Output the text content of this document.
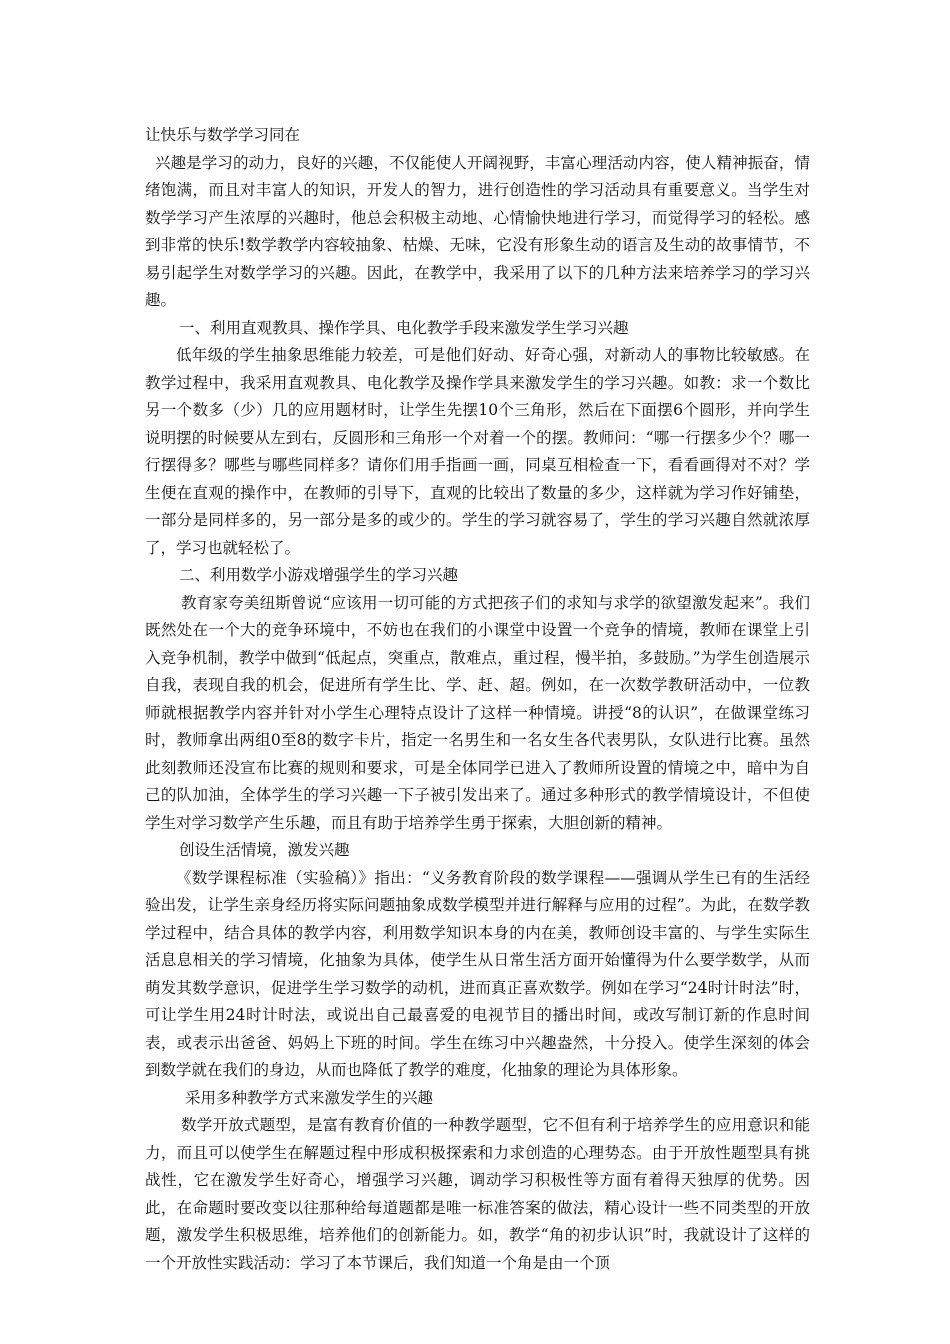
让快乐与数学学习同在

兴趣是学习的动力，良好的兴趣，不仅能使人开阔视野，丰富心理活动内容，使人精神振奋，情绪饱满，而且对丰富人的知识，开发人的智力，进行创造性的学习活动具有重要意义。当学生对数学学习产生浓厚的兴趣时，他总会积极主动地、心情愉快地进行学习，而觉得学习的轻松。感到非常的快乐!数学教学内容较抽象、枯燥、无味，它没有形象生动的语言及生动的故事情节，不易引起学生对数学学习的兴趣。因此，在教学中，我采用了以下的几种方法来培养学习的学习兴趣。

一、利用直观教具、操作学具、电化教学手段来激发学生学习兴趣

低年级的学生抽象思维能力较差，可是他们好动、好奇心强，对新动人的事物比较敏感。在教学过程中，我采用直观教具、电化教学及操作学具来激发学生的学习兴趣。如教：求一个数比另一个数多（少）几的应用题材时，让学生先摆10个三角形，然后在下面摆6个圆形，并向学生说明摆的时候要从左到右，反圆形和三角形一个对着一个的摆。教师问：“哪一行摆多少个？哪一行摆得多？哪些与哪些同样多？请你们用手指画一画，同桌互相检查一下，看看画得对不对？学生便在直观的操作中，在教师的引导下，直观的比较出了数量的多少，这样就为学习作好铺垫，一部分是同样多的，另一部分是多的或少的。学生的学习就容易了，学生的学习兴趣自然就浓厚了，学习也就轻松了。

二、利用数学小游戏增强学生的学习兴趣

教育家夸美纽斯曾说“应该用一切可能的方式把孩子们的求知与求学的欲望激发起来”。我们既然处在一个大的竞争环境中，不妨也在我们的小课堂中设置一个竞争的情境，教师在课堂上引入竞争机制，教学中做到“低起点，突重点，散难点，重过程，慢半拍，多鼓励。”为学生创造展示自我，表现自我的机会，促进所有学生比、学、赶、超。例如，在一次数学教研活动中，一位教师就根据教学内容并针对小学生心理特点设计了这样一种情境。讲授“8的认识”，在做课堂练习时，教师拿出两组0至8的数字卡片，指定一名男生和一名女生各代表男队，女队进行比赛。虽然此刻教师还没宣布比赛的规则和要求，可是全体同学已进入了教师所设置的情境之中，暗中为自己的队加油，全体学生的学习兴趣一下子被引发出来了。通过多种形式的教学情境设计，不但使学生对学习数学产生乐趣，而且有助于培养学生勇于探索，大胆创新的精神。

创设生活情境，激发兴趣

《数学课程标准（实验稿）》指出：“义务教育阶段的数学课程——强调从学生已有的生活经验出发，让学生亲身经历将实际问题抽象成数学模型并进行解释与应用的过程”。为此，在数学教学过程中，结合具体的教学内容，利用数学知识本身的内在美，教师创设丰富的、与学生实际生活息息相关的学习情境，化抽象为具体，使学生从日常生活方面开始懂得为什么要学数学，从而萌发其数学意识，促进学生学习数学的动机，进而真正喜欢数学。例如在学习“24时计时法”时，可让学生用24时计时法，或说出自己最喜爱的电视节目的播出时间，或改写制订新的作息时间表，或表示出爸爸、妈妈上下班的时间。学生在练习中兴趣盎然，十分投入。使学生深刻的体会到数学就在我们的身边，从而也降低了教学的难度，化抽象的理论为具体形象。

采用多种教学方式来激发学生的兴趣

数学开放式题型，是富有教育价值的一种教学题型，它不但有利于培养学生的应用意识和能力，而且可以使学生在解题过程中形成积极探索和力求创造的心理势态。由于开放性题型具有挑战性，它在激发学生好奇心，增强学习兴趣，调动学习积极性等方面有着得天独厚的优势。因此，在命题时要改变以往那种给每道题都是唯一标准答案的做法，精心设计一些不同类型的开放题，激发学生积极思维，培养他们的创新能力。如，教学“角的初步认识”时，我就设计了这样的一个开放性实践活动：学习了本节课后，我们知道一个角是由一个顶
